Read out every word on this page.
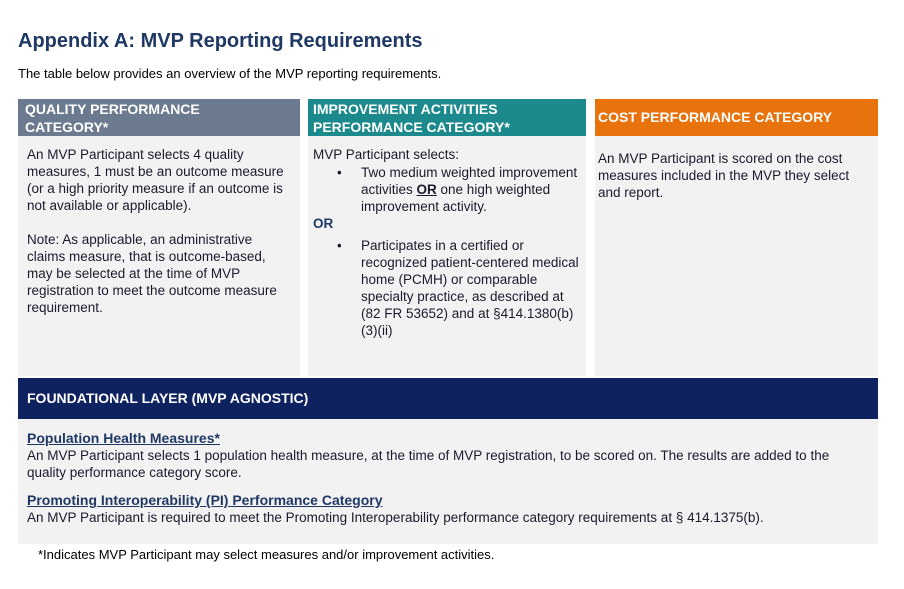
Appendix A: MVP Reporting Requirements
The table below provides an overview of the MVP reporting requirements.
QUALITY PERFORMANCE
CATEGORY*

An MVP Participant selects 4 quality measures, 1 must be an outcome measure (or a high priority measure if an outcome is not available or applicable).

Note: As applicable, an administrative claims measure, that is outcome-based, may be selected at the time of MVP registration to meet the outcome measure requirement.

IMPROVEMENT ACTIVITIES
PERFORMANCE CATEGORY*

MVP Participant selects:

•	Two medium weighted improvement activities OR one high weighted improvement activity.

OR

•	Participates in a certified or recognized patient-centered medical home (PCMH) or comparable specialty practice, as described at (82 FR 53652) and at §414.1380(b)(3)(ii)
COST PERFORMANCE CATEGORY

An MVP Participant is scored on the cost measures included in the MVP they select and report.

FOUNDATIONAL LAYER (MVP AGNOSTIC)
Population Health Measures*

An MVP Participant selects 1 population health measure, at the time of MVP registration, to be scored on. The results are added to the quality performance category score.

Promoting Interoperability (PI) Performance Category

An MVP Participant is required to meet the Promoting Interoperability performance category requirements at § 414.1375(b).

*Indicates MVP Participant may select measures and/or improvement activities.
